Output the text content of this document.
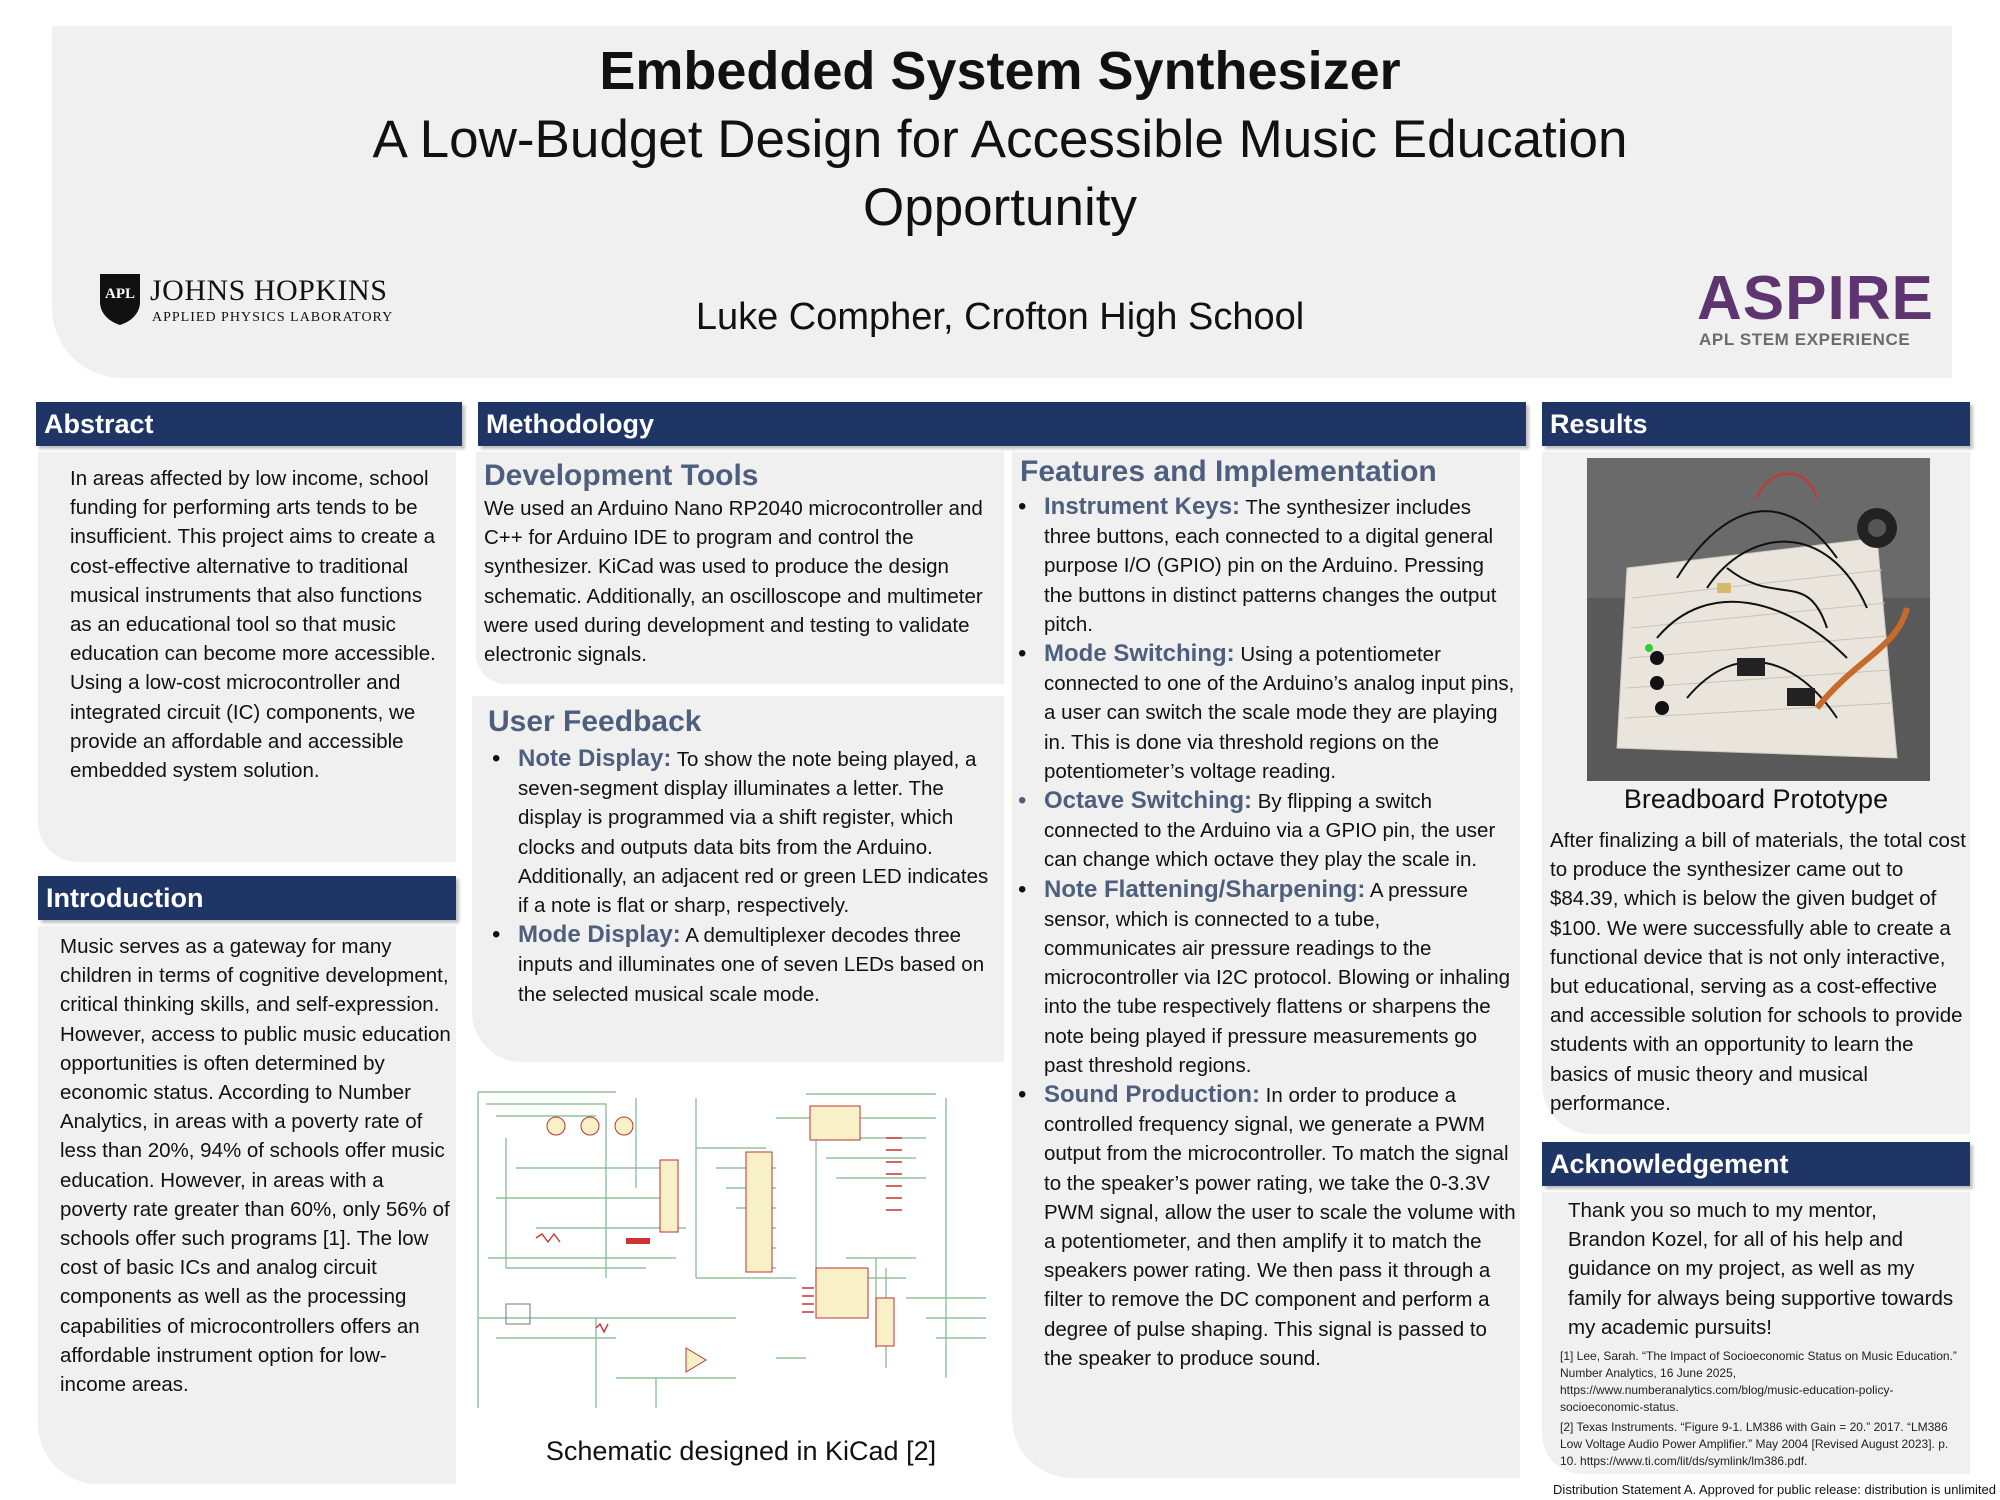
Embedded System Synthesizer
A Low-Budget Design for Accessible Music Education Opportunity
Luke Compher, Crofton High School
APL JOHNS HOPKINS
APPLIED PHYSICS LABORATORY	ASPIRE
APL STEM EXPERIENCE
Abstract
In areas affected by low income, school funding for performing arts tends to be insufficient. This project aims to create a cost-effective alternative to traditional musical instruments that also functions as an educational tool so that music education can become more accessible. Using a low-cost microcontroller and integrated circuit (IC) components, we provide an affordable and accessible embedded system solution.
Introduction
Music serves as a gateway for many children in terms of cognitive development, critical thinking skills, and self-expression. However, access to public music education opportunities is often determined by economic status. According to Number Analytics, in areas with a poverty rate of less than 20%, 94% of schools offer music education. However, in areas with a poverty rate greater than 60%, only 56% of schools offer such programs [1]. The low cost of basic ICs and analog circuit components as well as the processing capabilities of microcontrollers offers an affordable instrument option for low-income areas.
Methodology
Development Tools
We used an Arduino Nano RP2040 microcontroller and C++ for Arduino IDE to program and control the synthesizer. KiCad was used to produce the design schematic. Additionally, an oscilloscope and multimeter were used during development and testing to validate electronic signals.
User Feedback
• Note Display: To show the note being played, a seven-segment display illuminates a letter. The display is programmed via a shift register, which clocks and outputs data bits from the Arduino. Additionally, an adjacent red or green LED indicates if a note is flat or sharp, respectively.
• Mode Display: A demultiplexer decodes three inputs and illuminates one of seven LEDs based on the selected musical scale mode.
Schematic designed in KiCad [2]
Features and Implementation
• Instrument Keys: The synthesizer includes three buttons, each connected to a digital general purpose I/O (GPIO) pin on the Arduino. Pressing the buttons in distinct patterns changes the output pitch.
• Mode Switching: Using a potentiometer connected to one of the Arduino’s analog input pins, a user can switch the scale mode they are playing in. This is done via threshold regions on the potentiometer’s voltage reading.
• Octave Switching: By flipping a switch connected to the Arduino via a GPIO pin, the user can change which octave they play the scale in.
• Note Flattening/Sharpening: A pressure sensor, which is connected to a tube, communicates air pressure readings to the microcontroller via I2C protocol. Blowing or inhaling into the tube respectively flattens or sharpens the note being played if pressure measurements go past threshold regions.
• Sound Production: In order to produce a controlled frequency signal, we generate a PWM output from the microcontroller. To match the signal to the speaker’s power rating, we take the 0-3.3V PWM signal, allow the user to scale the volume with a potentiometer, and then amplify it to match the speakers power rating. We then pass it through a filter to remove the DC component and perform a degree of pulse shaping. This signal is passed to the speaker to produce sound.
Results
Breadboard Prototype
After finalizing a bill of materials, the total cost to produce the synthesizer came out to $84.39, which is below the given budget of $100. We were successfully able to create a functional device that is not only interactive, but educational, serving as a cost-effective and accessible solution for schools to provide students with an opportunity to learn the basics of music theory and musical performance.
Acknowledgement
Thank you so much to my mentor, Brandon Kozel, for all of his help and guidance on my project, as well as my family for always being supportive towards my academic pursuits!
[1] Lee, Sarah. “The Impact of Socioeconomic Status on Music Education.” Number Analytics, 16 June 2025, https://www.numberanalytics.com/blog/music-education-policy-socioeconomic-status.
[2] Texas Instruments. “Figure 9-1. LM386 with Gain = 20.” 2017. “LM386 Low Voltage Audio Power Amplifier.” May 2004 [Revised August 2023]. p. 10. https://www.ti.com/lit/ds/symlink/lm386.pdf.
Distribution Statement A. Approved for public release: distribution is unlimited
